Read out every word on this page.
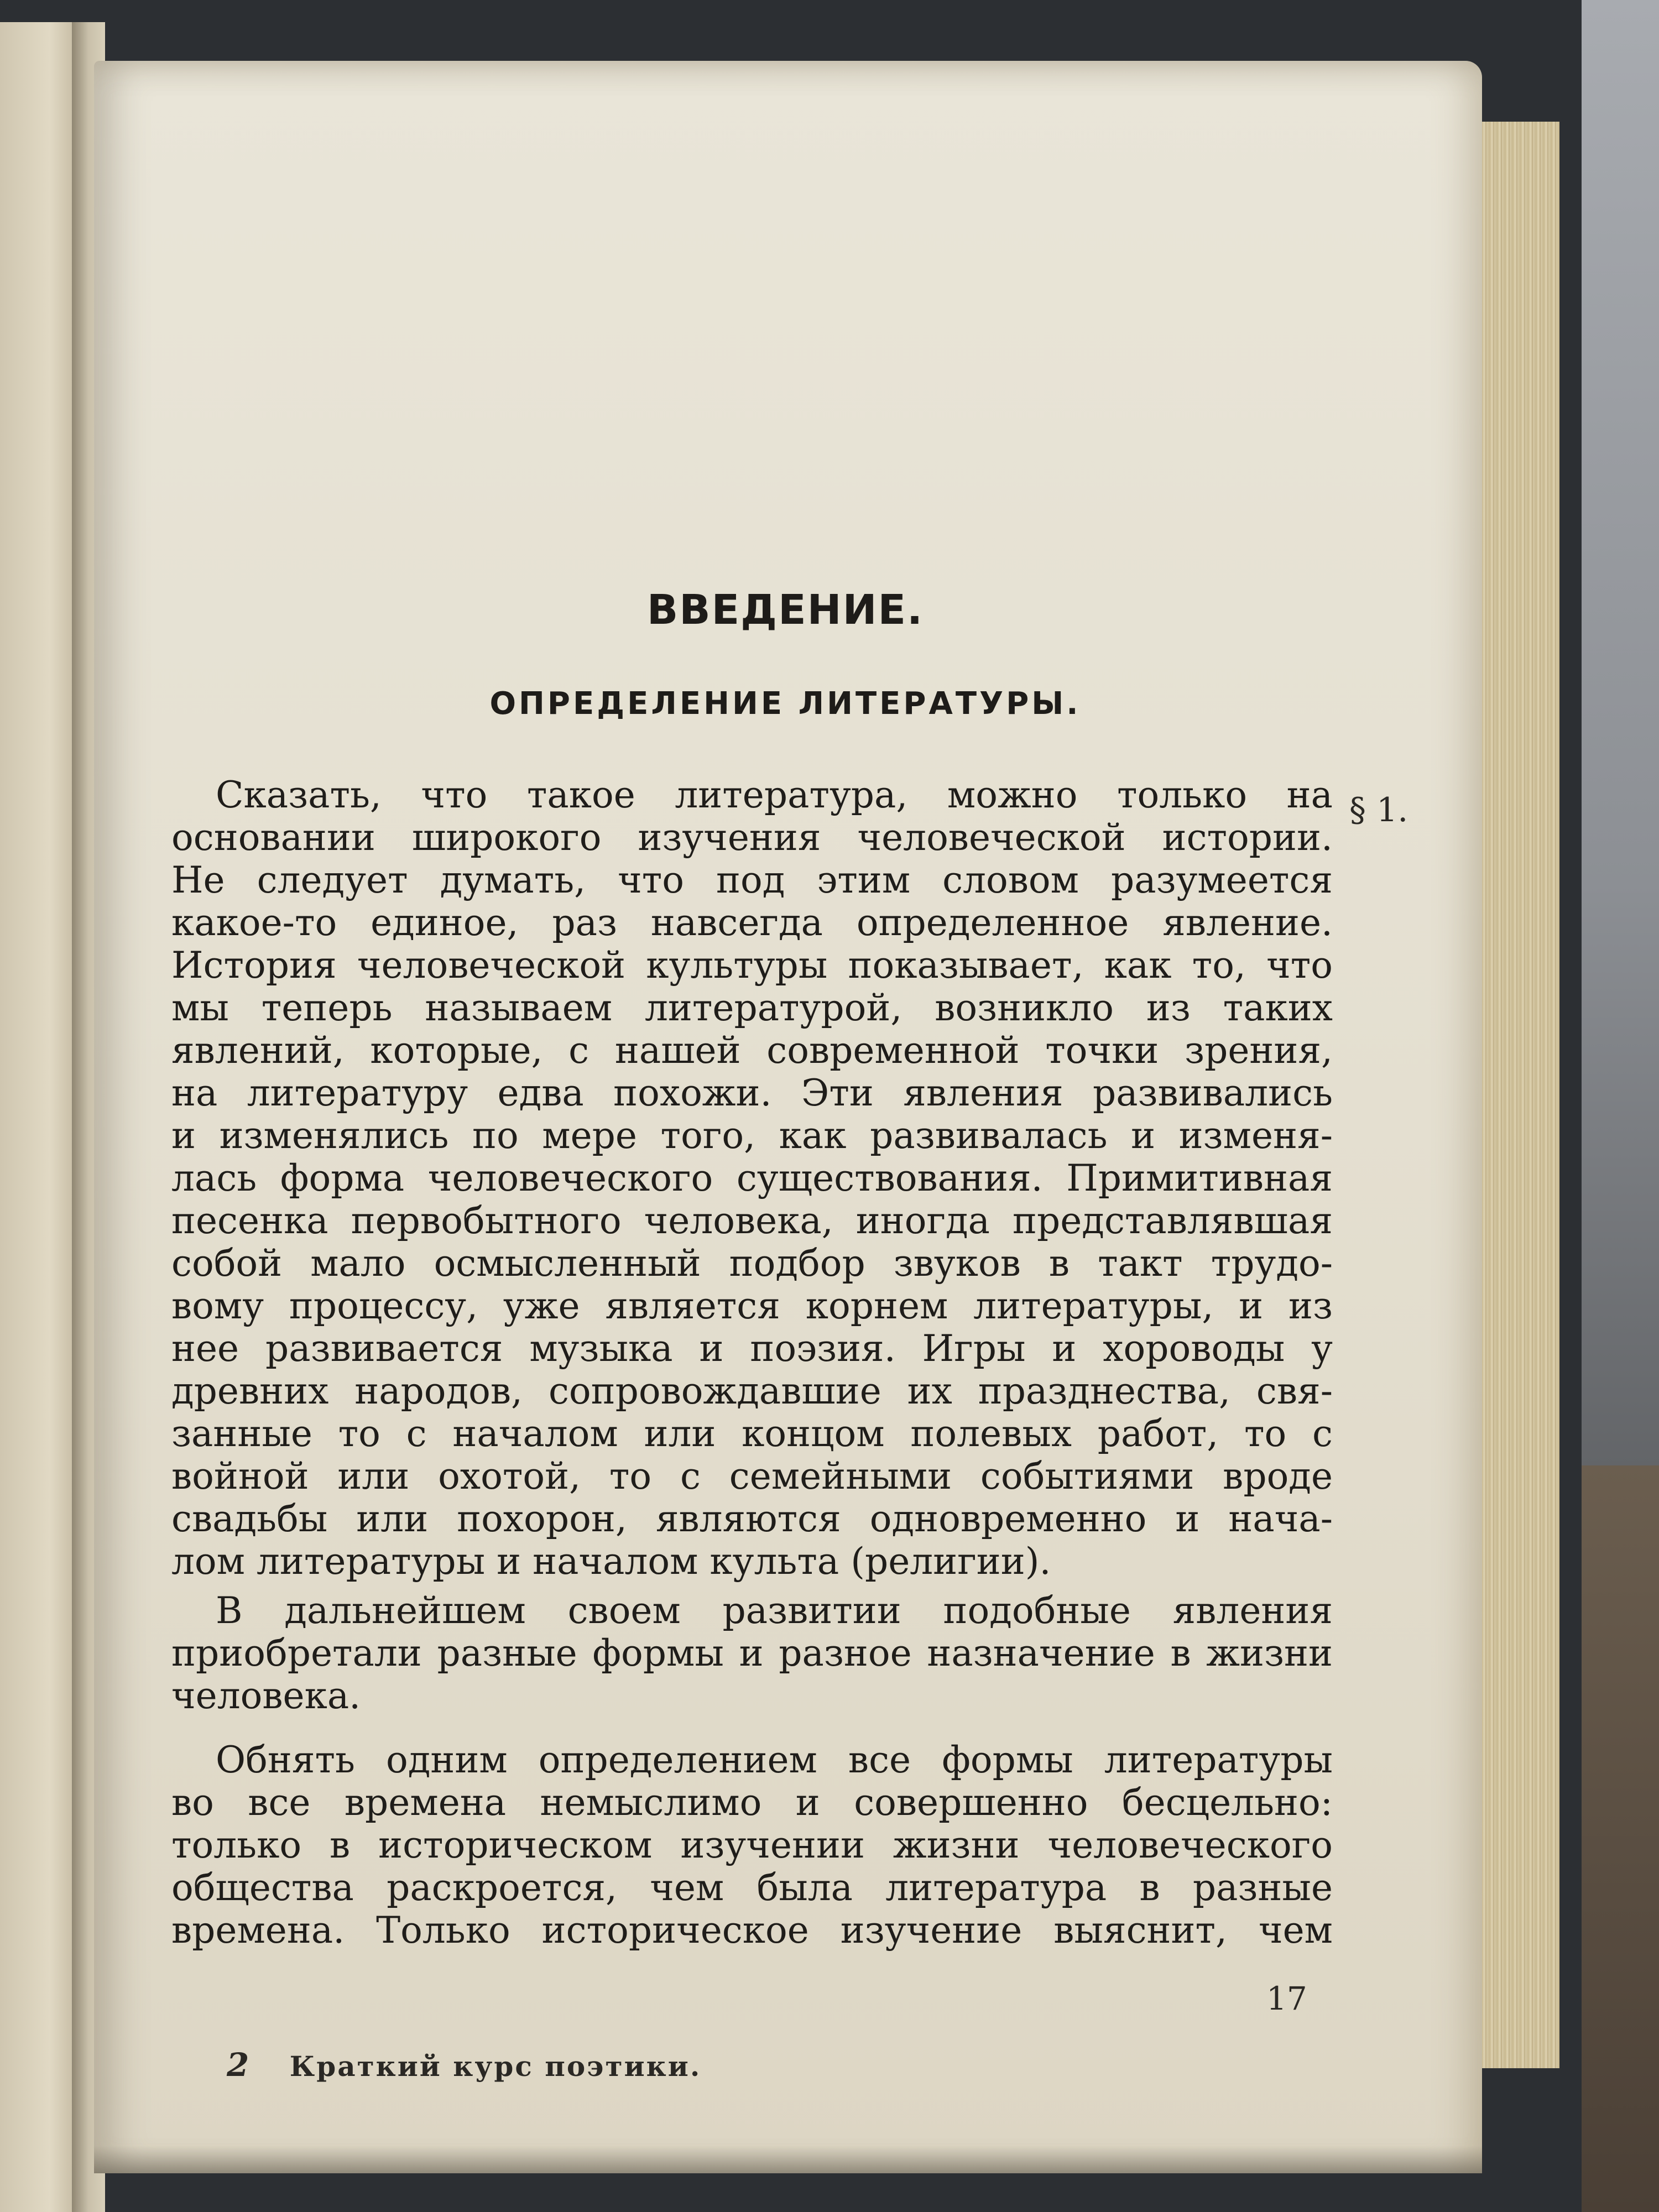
ВВЕДЕНИЕ.
ОПРЕДЕЛЕНИЕ ЛИТЕРАТУРЫ.
§ 1.
Сказать, что такое литература, можно только на
основании широкого изучения человеческой истории.
Не следует думать, что под этим словом разумеется
какое-то единое, раз навсегда определенное явление.
История человеческой культуры показывает, как то, что
мы теперь называем литературой, возникло из таких
явлений, которые, с нашей современной точки зрения,
на литературу едва похожи. Эти явления развивались
и изменялись по мере того, как развивалась и изменя-
лась форма человеческого существования. Примитивная
песенка первобытного человека, иногда представлявшая
собой мало осмысленный подбор звуков в такт трудо-
вому процессу, уже является корнем литературы, и из
нее развивается музыка и поэзия. Игры и хороводы у
древних народов, сопровождавшие их празднества, свя-
занные то с началом или концом полевых работ, то с
войной или охотой, то с семейными событиями вроде
свадьбы или похорон, являются одновременно и нача-
лом литературы и началом культа (религии).
В дальнейшем своем развитии подобные явления
приобретали разные формы и разное назначение в жизни
человека.
Обнять одним определением все формы литературы
во все времена немыслимо и совершенно бесцельно:
только в историческом изучении жизни человеческого
общества раскроется, чем была литература в разные
времена. Только историческое изучение выяснит, чем
17
2 Краткий курс поэтики.
